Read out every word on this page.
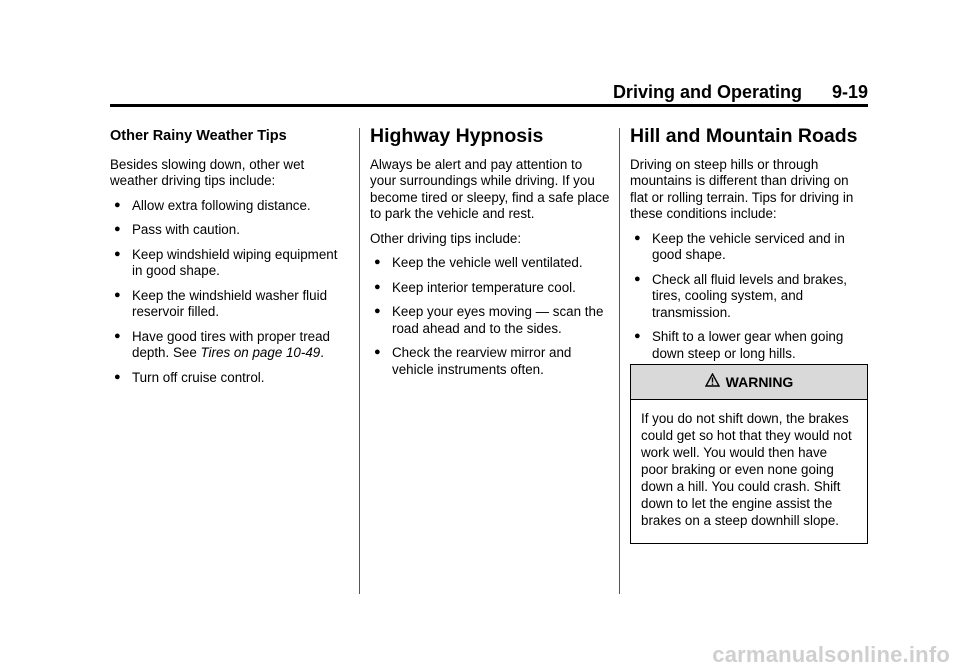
Driving and Operating 9-19
Other Rainy Weather Tips

Besides slowing down, other wet weather driving tips include:

● Allow extra following distance.
● Pass with caution.
● Keep windshield wiping equipment in good shape.
● Keep the windshield washer fluid reservoir filled.
● Have good tires with proper tread depth. See Tires on page 10-49.
● Turn off cruise control.
Highway Hypnosis

Always be alert and pay attention to your surroundings while driving. If you become tired or sleepy, find a safe place to park the vehicle and rest.

Other driving tips include:

● Keep the vehicle well ventilated.
● Keep interior temperature cool.
● Keep your eyes moving — scan the road ahead and to the sides.
● Check the rearview mirror and vehicle instruments often.
Hill and Mountain Roads

Driving on steep hills or through mountains is different than driving on flat or rolling terrain. Tips for driving in these conditions include:

● Keep the vehicle serviced and in good shape.
● Check all fluid levels and brakes, tires, cooling system, and transmission.
● Shift to a lower gear when going down steep or long hills.
WARNING
If you do not shift down, the brakes could get so hot that they would not work well. You would then have poor braking or even none going down a hill. You could crash. Shift down to let the engine assist the brakes on a steep downhill slope.
carmanualsonline.info
